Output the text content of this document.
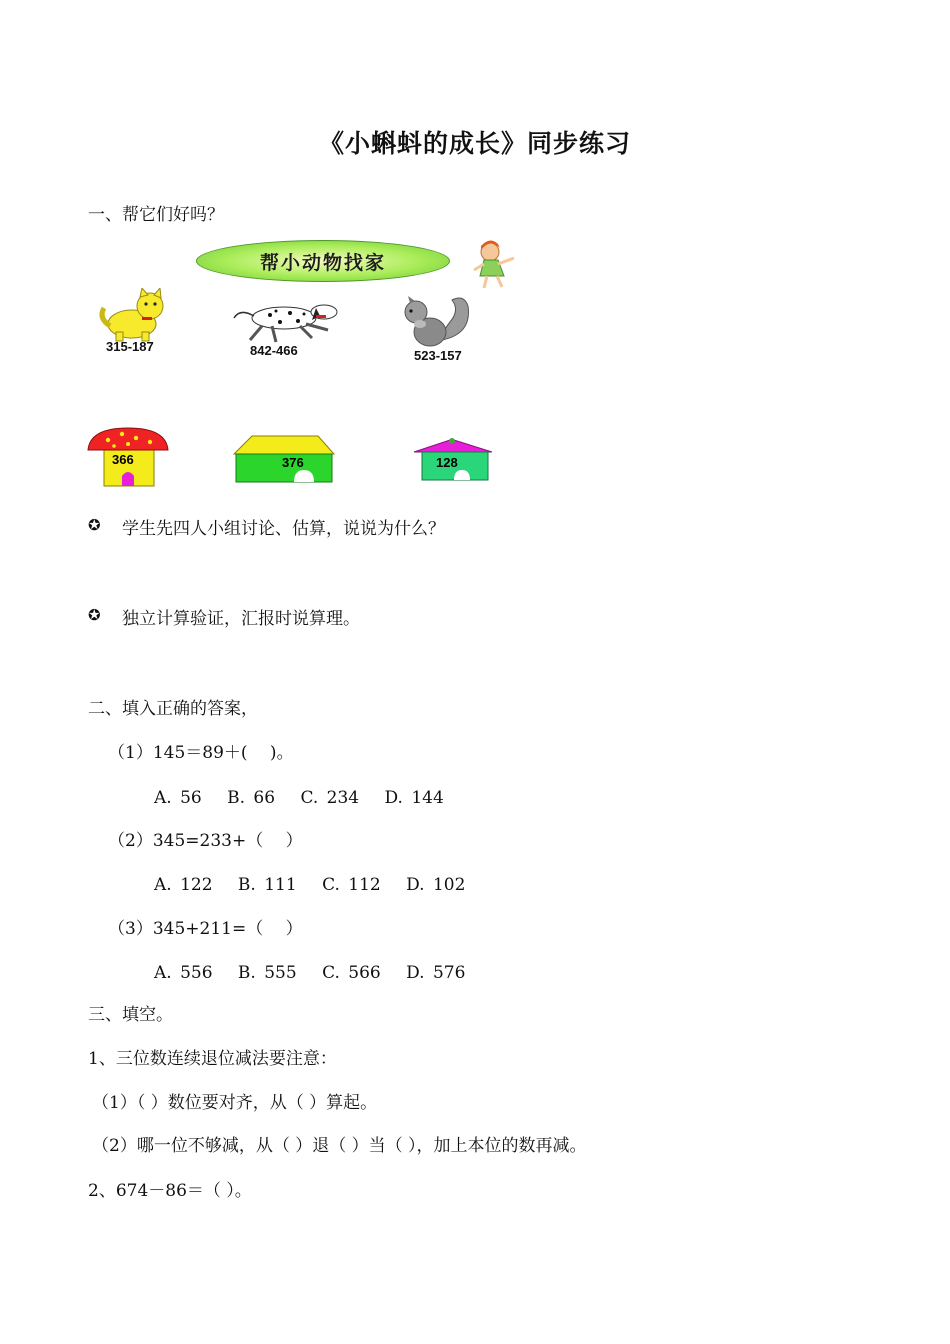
《小蝌蚪的成长》同步练习
一、帮它们好吗？
帮小动物找家
315-187	842-466	523-157
366	376	128
✪ 学生先四人小组讨论、估算，说说为什么？
✪ 独立计算验证，汇报时说算理。
二、填入正确的答案，
（1）145＝89＋(　 )。
A. 56　 B. 66　 C. 234　 D. 144
（2）345=233+（　 ）
A. 122　 B. 111　 C. 112　 D. 102
（3）345+211=（　 ）
A. 556　 B. 555　 C. 566　 D. 576
三、填空。
1、三位数连续退位减法要注意：
（1）（ ）数位要对齐，从（ ）算起。
（2）哪一位不够减，从（ ）退（ ）当（ ），加上本位的数再减。
2、674－86＝（ ）。
